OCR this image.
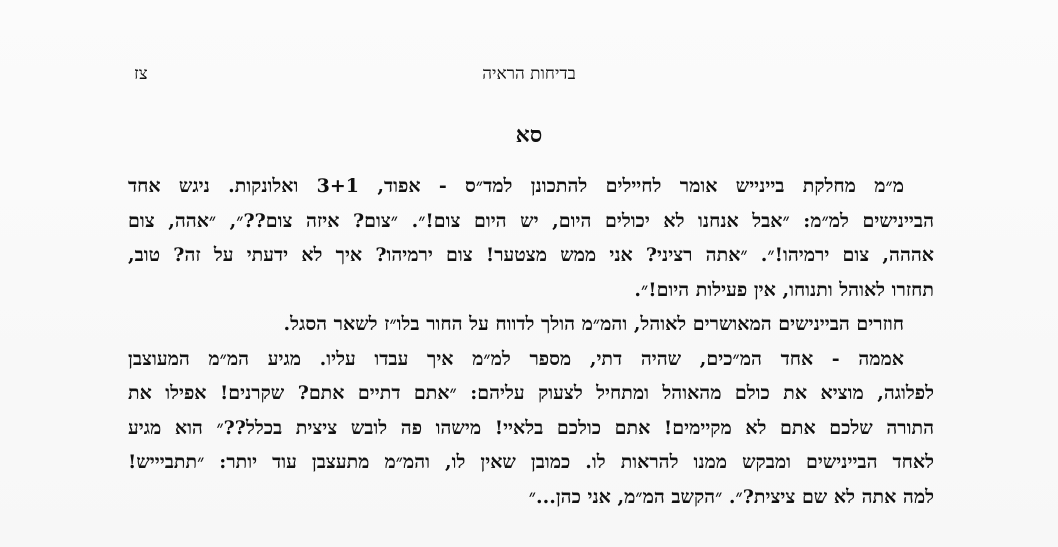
בדיחות הראיה
צז
סא
מ״מ מחלקת ביינייש אומר לחיילים להתכונן למד״ס - אפוד, 3+1 ואלונקות. ניגש אחד
הביינישים למ״מ: ״אבל אנחנו לא יכולים היום, יש היום צום!״. ״צום? איזה צום??״, ״אהה, צום
אההה, צום ירמיהו!״. ״אתה רציני? אני ממש מצטער! צום ירמיהו? איך לא ידעתי על זה? טוב,
תחזרו לאוהל ותנוחו, אין פעילות היום!״.
חוזרים הביינישים המאושרים לאוהל, והמ״מ הולך לדווח על החור בלו״ז לשאר הסגל.
אממה - אחד המ״כים, שהיה דתי, מספר למ״מ איך עבדו עליו. מגיע המ״מ המעוצבן
לפלוגה, מוציא את כולם מהאוהל ומתחיל לצעוק עליהם: ״אתם דתיים אתם? שקרנים! אפילו את
התורה שלכם אתם לא מקיימים! אתם כולכם בלאיי! מישהו פה לובש ציצית בכלל??״ הוא מגיע
לאחד הביינישים ומבקש ממנו להראות לו. כמובן שאין לו, והמ״מ מתעצבן עוד יותר: ״תתביייש!
למה אתה לא שם ציצית?״. ״הקשב המ״מ, אני כהן...״
